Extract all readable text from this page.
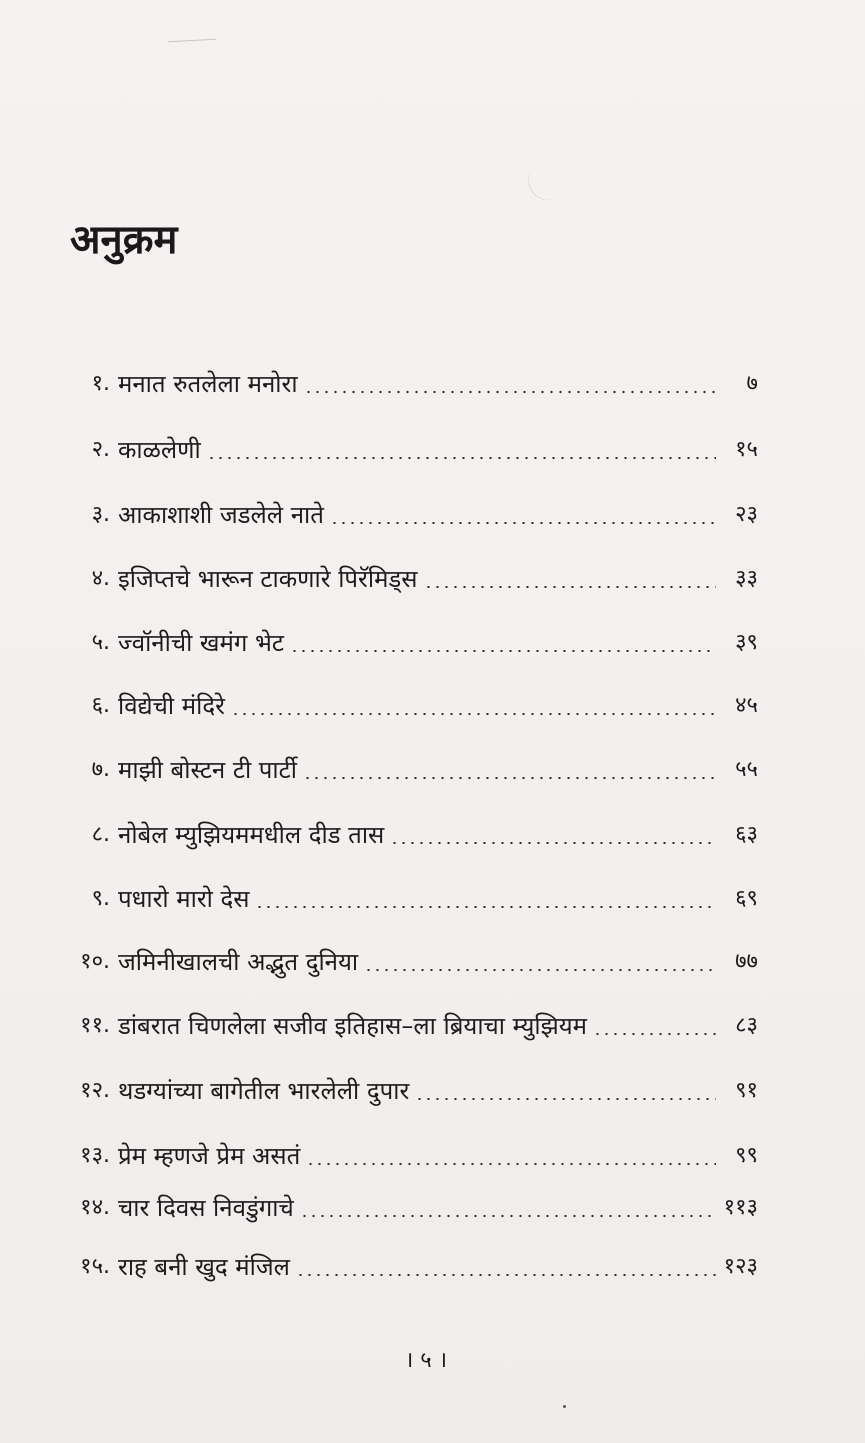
अनुक्रम
१. मनात रुतलेला मनोरा	७
२. काळलेणी	१५
३. आकाशाशी जडलेले नाते	२३
४. इजिप्तचे भारून टाकणारे पिरॅमिड्स	३३
५. ज्वॉनीची खमंग भेट	३९
६. विद्येची मंदिरे	४५
७. माझी बोस्टन टी पार्टी	५५
८. नोबेल म्युझियममधील दीड तास	६३
९. पधारो मारो देस	६९
१०. जमिनीखालची अद्भुत दुनिया	७७
११. डांबरात चिणलेला सजीव इतिहास–ला ब्रियाचा म्युझियम	८३
१२. थडग्यांच्या बागेतील भारलेली दुपार	९१
१३. प्रेम म्हणजे प्रेम असतं	९९
१४. चार दिवस निवडुंगाचे	११३
१५. राह बनी खुद मंजिल	१२३
। ५ ।
